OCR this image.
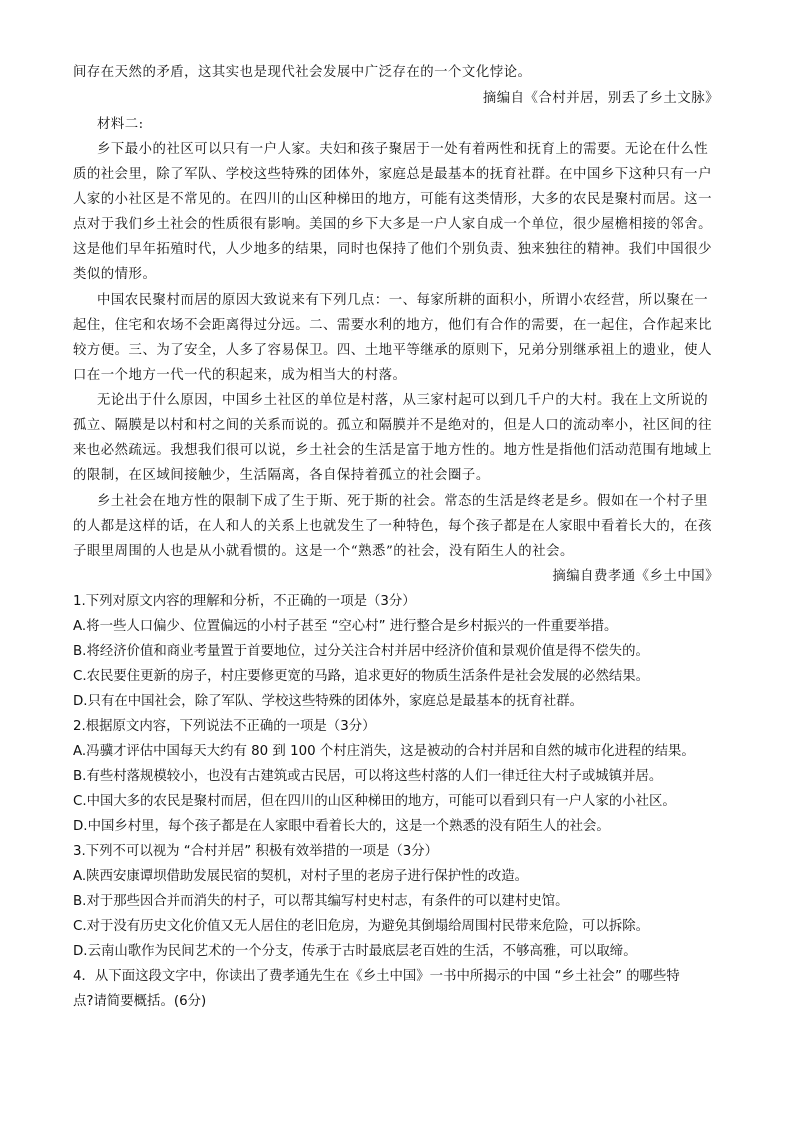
间存在天然的矛盾，这其实也是现代社会发展中广泛存在的一个文化悖论。
摘编自《合村并居，别丢了乡土文脉》
材料二:
乡下最小的社区可以只有一户人家。夫妇和孩子聚居于一处有着两性和抚育上的需要。无论在什么性
质的社会里，除了军队、学校这些特殊的团体外，家庭总是最基本的抚育社群。在中国乡下这种只有一户
人家的小社区是不常见的。在四川的山区种梯田的地方，可能有这类情形，大多的农民是聚村而居。这一
点对于我们乡土社会的性质很有影响。美国的乡下大多是一户人家自成一个单位，很少屋檐相接的邻舍。
这是他们早年拓殖时代，人少地多的结果，同时也保持了他们个别负责、独来独往的精神。我们中国很少
类似的情形。
中国农民聚村而居的原因大致说来有下列几点：一、每家所耕的面积小，所谓小农经营，所以聚在一
起住，住宅和农场不会距离得过分远。二、需要水利的地方，他们有合作的需要，在一起住，合作起来比
较方便。三、为了安全，人多了容易保卫。四、土地平等继承的原则下，兄弟分别继承祖上的遗业，使人
口在一个地方一代一代的积起来，成为相当大的村落。
无论出于什么原因，中国乡土社区的单位是村落，从三家村起可以到几千户的大村。我在上文所说的
孤立、隔膜是以村和村之间的关系而说的。孤立和隔膜并不是绝对的，但是人口的流动率小，社区间的往
来也必然疏远。我想我们很可以说，乡土社会的生活是富于地方性的。地方性是指他们活动范围有地域上
的限制，在区域间接触少，生活隔离，各自保持着孤立的社会圈子。
乡土社会在地方性的限制下成了生于斯、死于斯的社会。常态的生活是终老是乡。假如在一个村子里
的人都是这样的话，在人和人的关系上也就发生了一种特色，每个孩子都是在人家眼中看着长大的，在孩
子眼里周围的人也是从小就看惯的。这是一个“熟悉”的社会，没有陌生人的社会。
摘编自费孝通《乡土中国》
1.下列对原文内容的理解和分析，不正确的一项是（3分）
A.将一些人口偏少、位置偏远的小村子甚至 “空心村” 进行整合是乡村振兴的一件重要举措。
B.将经济价值和商业考量置于首要地位，过分关注合村并居中经济价值和景观价值是得不偿失的。
C.农民要住更新的房子，村庄要修更宽的马路，追求更好的物质生活条件是社会发展的必然结果。
D.只有在中国社会，除了军队、学校这些特殊的团体外，家庭总是最基本的抚育社群。
2.根据原文内容，下列说法不正确的一项是（3分）
A.冯骥才评估中国每天大约有 80 到 100 个村庄消失，这是被动的合村并居和自然的城市化进程的结果。
B.有些村落规模较小，也没有古建筑或古民居，可以将这些村落的人们一律迁往大村子或城镇并居。
C.中国大多的农民是聚村而居，但在四川的山区种梯田的地方，可能可以看到只有一户人家的小社区。
D.中国乡村里，每个孩子都是在人家眼中看着长大的，这是一个熟悉的没有陌生人的社会。
3.下列不可以视为 “合村并居” 积极有效举措的一项是（3分）
A.陕西安康谭坝借助发展民宿的契机，对村子里的老房子进行保护性的改造。
B.对于那些因合并而消失的村子，可以帮其编写村史村志，有条件的可以建村史馆。
C.对于没有历史文化价值又无人居住的老旧危房，为避免其倒塌给周围村民带来危险，可以拆除。
D.云南山歌作为民间艺术的一个分支，传承于古时最底层老百姓的生活，不够高雅，可以取缔。
4．从下面这段文字中，你读出了费孝通先生在《乡土中国》一书中所揭示的中国 “乡土社会” 的哪些特
点?请简要概括。(6分)
